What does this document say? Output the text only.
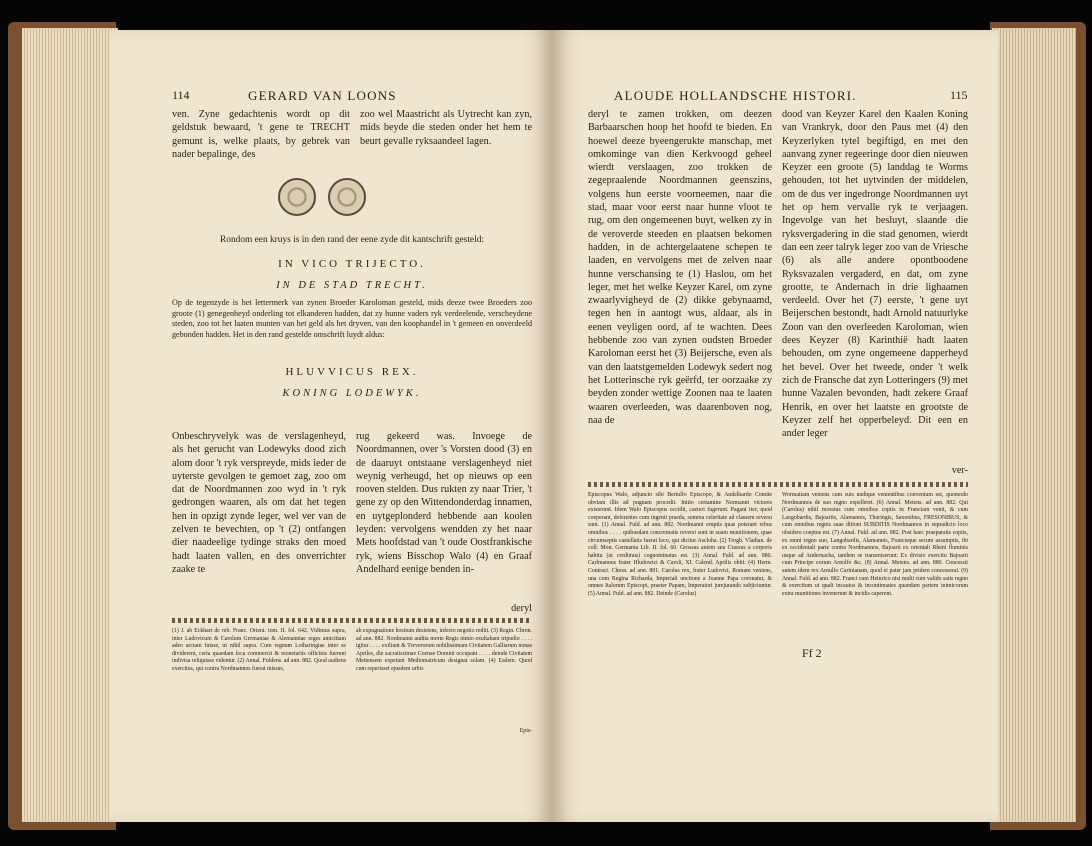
114	GERARD VAN LOONS
ven. Zyne gedachtenis wordt op dit geldstuk bewaard, 't gene te TRECHT gemunt is, welke plaats, by gebrek van nader bepalinge, des
zoo wel Maastricht als Uytrecht kan zyn, mids beyde die steden onder het hem te beurt gevalle ryksaandeel lagen.
Rondom een kruys is in den rand der eene zyde dit kantschrift gesteld:
IN VICO TRIJECTO.
IN DE STAD TRECHT.
Op de tegenzyde is het lettermerk van zynen Broeder Karoloman gesteld, mids deeze twee Broeders zoo groote (1) genegenheyd onderling tot elkanderen hadden, dat zy hunne vaders ryk verdeelende, verscheydene steden, zoo tot het laaten munten van het geld als het dryven, van den koophandel in 't gemeen en onverdeeld gebonden hadden. Het in den rand gestelde omschrift luydt aldus:
HLUVVICUS REX.
KONING LODEWYK.
Onbeschryvelyk was de verslagenheyd, als het gerucht van Lodewyks dood zich alom door 't ryk verspreyde, mids ieder de uyterste gevolgen te gemoet zag, zoo om dat de Noordmannen zoo wyd in 't ryk gedrongen waaren, als om dat het tegen hen in opzigt zynde leger, wel ver van de zelven te bevechten, op 't (2) ontfangen dier naadeelige tydinge straks den moed hadt laaten vallen, en des onverrichter zaake te
rug gekeerd was. Invoege de Noordmannen, over 's Vorsten dood (3) en de daaruyt ontstaane verslagenheyd niet weynig verheugd, het op nieuws op een rooven stelden. Dus rukten zy naar Trier, 't gene zy op den Wittendonderdag innamen, en uytgeplonderd hebbende aan koolen leyden: vervolgens wendden zy het naar Mets hoofdstad van 't oude Oostfrankische ryk, wiens Bisschop Walo (4) en Graaf Andelhard eenige benden in-
deryl
(1) J. ab Eckhart de reb. Franc. Orient. tom. II. fol. 642. Vidimus supra, inter Ludovicum & Carolum Germaniae & Alemanniae reges amicitiam adeo arctam fuisse, ut nihil supra. Cum regnum Lotharingiae inter se dividerent, certa quaedam loca commercii & monetariis officinis fuerunt indivisa reliquisse videntur. (2) Annal. Fuldens. ad ann. 882. Quod audiens exercitus, qui contra Nordmannos fuerat missus,
ab expugnatione hostium desistens, infecto negotio rediit. (3) Regin. Chron. ad ann. 882. Nordmanni audita morte Regis nimio exultabant tripudio . . . . igitur . . . . exiliunt & Treverorum nobilissimam Civitatem Galliarum nonas Apriles, die sacratissimae Coenae Domini occupant . . . . deinde Civitatem Mettensem expetunt Mediomatricum designat solam. (4) Eadem. Quod cum reperisset ejusdem urbis
Epis-
ALOUDE HOLLANDSCHE HISTORI.	115
deryl te zamen trokken, om deezen Barbaarschen hoop het hoofd te bieden. En hoewel deeze byeengerukte manschap, met omkominge van dien Kerkvoogd geheel wierdt verslaagen, zoo trokken de zegepraalende Noordmannen geenszins, volgens hun eerste voorneemen, naar die stad, maar voor eerst naar hunne vloot te rug, om den ongemeenen buyt, welken zy in de veroverde steeden en plaatsen bekomen hadden, in de achtergelaatene schepen te laaden, en vervolgens met de zelven naar hunne verschansing te (1) Haslou, om het leger, met het welke Keyzer Karel, om zyne zwaarlyvigheyd de (2) dikke gebynaamd, tegen hen in aantogt wus, aldaar, als in eenen veyligen oord, af te wachten. Dees hebbende zoo van zynen oudsten Broeder Karoloman eerst het (3) Beijersche, even als van den laatstgemelden Lodewyk sedert nog het Lotterinsche ryk geërfd, ter oorzaake zy beyden zonder wettige Zoonen naa te laaten waaren overleeden, was daarenboven nog, naa de
dood van Keyzer Karel den Kaalen Koning van Vrankryk, door den Paus met (4) den Keyzerlyken tytel begiftigd, en met den aanvang zyner regeeringe door dien nieuwen Keyzer een groote (5) landdag te Worms gehouden, tot het uytvinden der middelen, om de dus ver ingedronge Noordmannen uyt het op hem vervalle ryk te verjaagen. Ingevolge van het besluyt, slaande die ryksvergadering in die stad genomen, wierdt dan een zeer talryk leger zoo van de Vriesche (6) als alle andere opontboodene Ryksvazalen vergaderd, en dat, om zyne grootte, te Andernach in drie lighaamen verdeeld. Over het (7) eerste, 't gene uyt Beijerschen bestondt, hadt Arnold natuurlyke Zoon van den overleeden Karoloman, wien dees Keyzer (8) Karinthië hadt laaten behouden, om zyne ongemeene dapperheyd het bevel. Over het tweede, onder 't welk zich de Fransche dat zyn Lotteringers (9) met hunne Vazalen bevonden, hadt zekere Graaf Henrik, en over het laatste en grootste de Keyzer zelf het opperbeleyd. Dit een en ander leger
ver-
Episcopus Walo, adjuncto sibi Bertulfo Episcopo, & Andelhardo Comite obviam illis ad pugnam procedit. Initio certamine Normanni victores existerunt. Idem Walo Episcopus occidit, caeteri fugerunt. Pagani iter, quod coeperant, deferentes cum ingenti praeda, summa celeritate ad classem reversi sunt. (1) Annal. Fuld. ad ann. 882. Nordmanni eruptis quas poterant rebus omnibus . . . . quibusdam concrematis reversi sunt in suam munitionem, quae circumseptis castellatis fuerat loco, qui dicitur Ascloha. (2) Trogb. Vladian. de coll. Mon. Germania Lib. II. fol. 60. Grossus autem seu Crassus a corporis habitu (ut credimus) cognominatus est. (3) Annal. Fuld. ad ann. 880. Carlmannus frater Hludowici & Caroli, XI. Calend. Aprilis obiit. (4) Herm. Contract. Chron. ad ann. 881. Carolus rex, frater Ludovici, Romam veniens, una cum Regina Richarda, Imperiali unctione a Joanne Papa coronatur, & omnes Italorum Episcopi, praeter Papam, Imperatori jurejurando subjiciuntur. (5) Annal. Fuld. ad ann. 882. Deinde (Carolus)
Wormatiam veniens cum suis undique venientibus conventum est, quomodo Nordmannos de suo regno expelleret. (6) Annal. Metens. ad ann. 882. Qui (Carolus) nihil moratus cum omnibus copiis in Franciam venit, & cum Langobardis, Bajoariis, Alamannis, Thuringis, Saxonibus, FRESONIBUS, & cum omnibus regnis suae ditioni SUBDITIS Nordmannos in supradicto loco obsidere coeptus est. (7) Annal. Fuld. ad ann. 882. Post haec praeparatis copiis, ex omni regno suo, Langobardis, Alamannis, Francisque secum assumptis, ibi ex occidentali parte contra Nordmannos, Bajoarii ex orientali Rheni fluminis usque ad Andernacha, tandem se transmiserunt: Ex divisio exercitu Bajoarii cum Principe eorum Arnolfo &c. (8) Annal. Metens. ad ann. 880. Concessit autem idem rex Arnulfo Carintanam, quod ei pater jam pridem concesserat. (9) Annal. Fuld. ad ann. 882. Franci cum Heinrico nisi multi cum valido satis regno & exercitum ut quali incautos & incontinuates quandam partem inimicorum extra munitiones invenerunt & incidis caperent.
Ff 2
